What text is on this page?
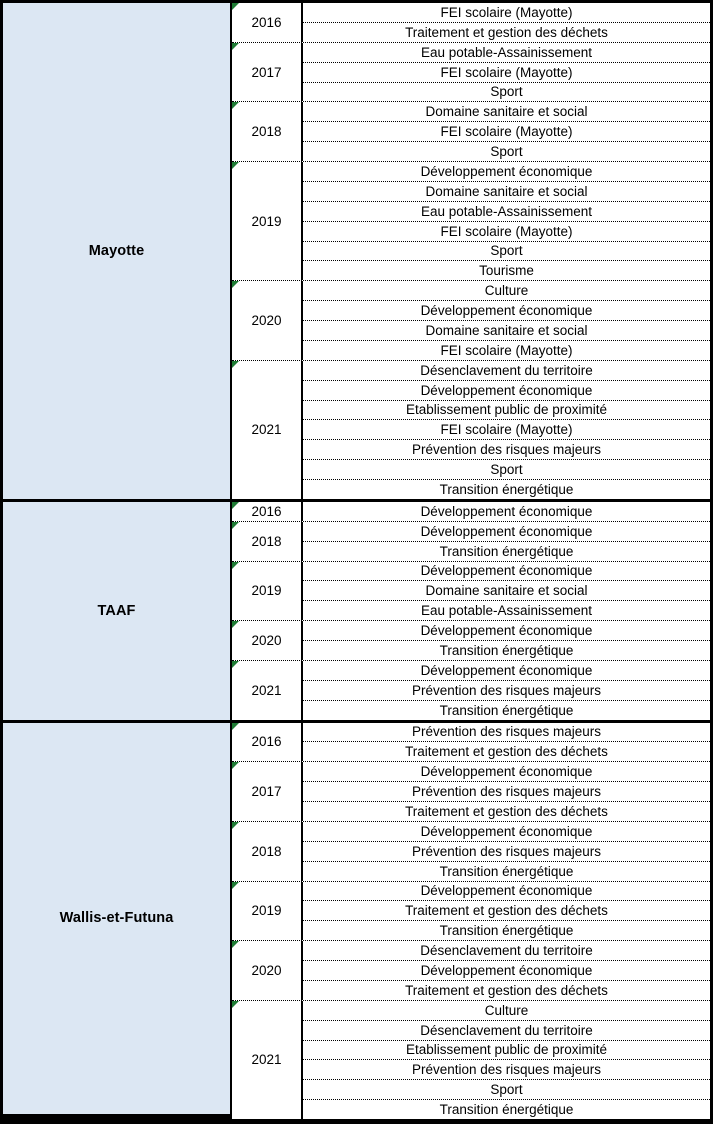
Mayotte
2016
FEI scolaire (Mayotte)
Traitement et gestion des déchets
2017
Eau potable-Assainissement
FEI scolaire (Mayotte)
Sport
2018
Domaine sanitaire et social
FEI scolaire (Mayotte)
Sport
2019
Développement économique
Domaine sanitaire et social
Eau potable-Assainissement
FEI scolaire (Mayotte)
Sport
Tourisme
2020
Culture
Développement économique
Domaine sanitaire et social
FEI scolaire (Mayotte)
2021
Désenclavement du territoire
Développement économique
Etablissement public de proximité
FEI scolaire (Mayotte)
Prévention des risques majeurs
Sport
Transition énergétique
TAAF
2016	Développement économique
2018
Développement économique
Transition énergétique
2019
Développement économique
Domaine sanitaire et social
Eau potable-Assainissement
2020
Développement économique
Transition énergétique
2021
Développement économique
Prévention des risques majeurs
Transition énergétique
Wallis-et-Futuna
2016
Prévention des risques majeurs
Traitement et gestion des déchets
2017
Développement économique
Prévention des risques majeurs
Traitement et gestion des déchets
2018
Développement économique
Prévention des risques majeurs
Transition énergétique
2019
Développement économique
Traitement et gestion des déchets
Transition énergétique
2020
Désenclavement du territoire
Développement économique
Traitement et gestion des déchets
2021
Culture
Désenclavement du territoire
Etablissement public de proximité
Prévention des risques majeurs
Sport
Transition énergétique
